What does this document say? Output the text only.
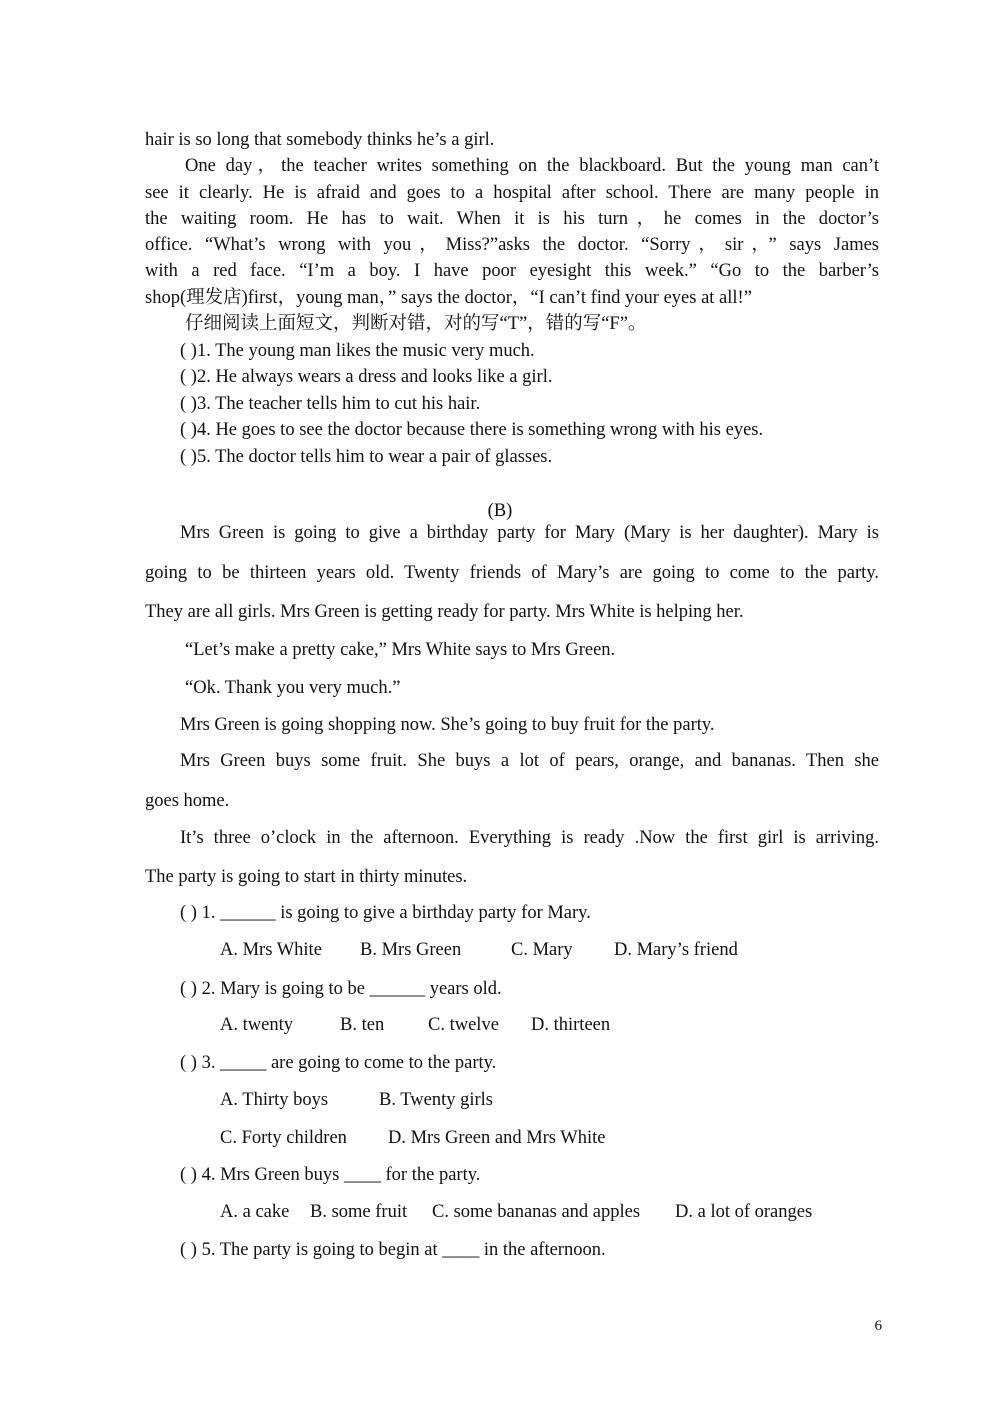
hair is so long that somebody thinks he’s a girl.
One day，the teacher writes something on the blackboard. But the young man can’t
see it clearly. He is afraid and goes to a hospital after school. There are many people in
the waiting room. He has to wait. When it is his turn，he comes in the doctor’s
office. “What’s wrong with you，Miss?”asks the doctor. “Sorry，sir，” says James
with a red face. “I’m a boy. I have poor eyesight this week.” “Go to the barber’s
shop(理发店)first，young man，” says the doctor，“I can’t find your eyes at all!”
仔细阅读上面短文，判断对错，对的写“T”，错的写“F”。
( )1. The young man likes the music very much.
( )2. He always wears a dress and looks like a girl.
( )3. The teacher tells him to cut his hair.
( )4. He goes to see the doctor because there is something wrong with his eyes.
( )5. The doctor tells him to wear a pair of glasses.
(B)
Mrs Green is going to give a birthday party for Mary (Mary is her daughter). Mary is
going to be thirteen years old. Twenty friends of Mary’s are going to come to the party.
They are all girls. Mrs Green is getting ready for party. Mrs White is helping her.
“Let’s make a pretty cake,” Mrs White says to Mrs Green.
“Ok. Thank you very much.”
Mrs Green is going shopping now. She’s going to buy fruit for the party.
Mrs Green buys some fruit. She buys a lot of pears, orange, and bananas. Then she
goes home.
It’s three o’clock in the afternoon. Everything is ready .Now the first girl is arriving.
The party is going to start in thirty minutes.
( ) 1. ______ is going to give a birthday party for Mary.
A. Mrs White B. Mrs Green	C. Mary D. Mary’s friend
( ) 2. Mary is going to be ______ years old.
A. twenty	B. ten C. twelve D. thirteen
( ) 3. _____ are going to come to the party.
A. Thirty boys	B. Twenty girls
C. Forty children D. Mrs Green and Mrs White
( ) 4. Mrs Green buys ____ for the party.
A. a cake B. some fruit C. some bananas and apples D. a lot of oranges
( ) 5. The party is going to begin at ____ in the afternoon.
6
